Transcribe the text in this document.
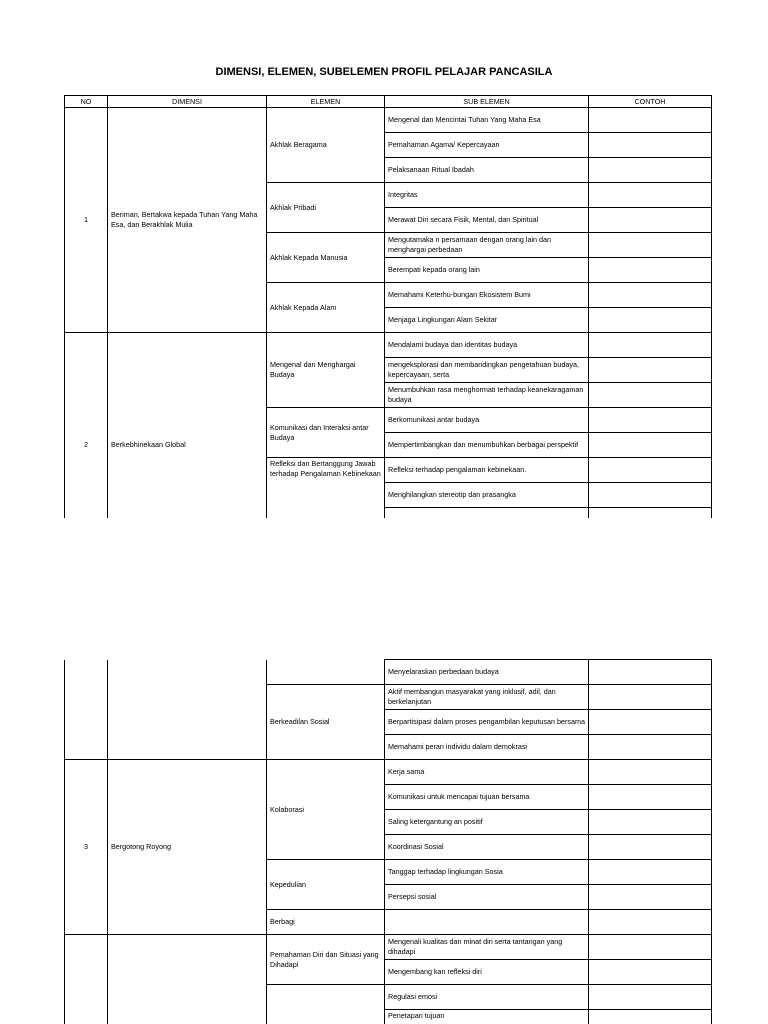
DIMENSI, ELEMEN, SUBELEMEN PROFIL PELAJAR PANCASILA
NO	DIMENSI	ELEMEN	SUB ELEMEN	CONTOH
1	Beriman, Bertakwa kepada Tuhan Yang Maha Esa, dan Berakhlak Mulia	Akhlak Beragama	Mengenal dan Mencintai Tuhan Yang Maha Esa	
			Pemahaman Agama/ Kepercayaan	
			Pelaksanaan Ritual Ibadah	
		Akhlak Pribadi	Integritas	
			Merawat Diri secara Fisik, Mental, dan Spiritual	
		Akhlak Kepada Manusia	Mengutamaka n persamaan dengan orang lain dan menghargai perbedaan	
			Berempati kepada orang lain	
		Akhlak Kepada Alam	Memahami Keterhu-bungan Ekosistem Bumi	
			Menjaga Lingkungan Alam Sekitar	
2	Berkebhinekaan Global	Mengenal dan Menghargai Budaya	Mendalami budaya dan identitas budaya	
			mengeksplorasi dan membandingkan pengetahuan budaya, kepercayaan, serta	
			Menumbuhkan rasa menghormati terhadap keanekaragaman budaya	
		Komunikasi dan Interaksi antar Budaya	Berkomunikasi antar budaya	
			Mempertimbangkan dan menumbuhkan berbagai perspektif	
		Refleksi dan Bertanggung Jawab terhadap Pengalaman Kebinekaan	Refleksi terhadap pengalaman kebinekaan.	
			Menghilangkan stereotip dan prasangka	

			Menyelaraskan perbedaan budaya	
		Berkeadilan Sosial	Aktif membangun masyarakat yang inklusif, adil, dan berkelanjutan	
			Berpartisipasi dalam proses pengambilan keputusan bersama	
			Memahami peran individu dalam demokrasi	
3	Bergotong Royong	Kolaborasi	Kerja sama	
			Komunikasi untuk mencapai tujuan bersama	
			Saling ketergantung an positif	
			Koordinasi Sosial	
		Kepedulian	Tanggap terhadap lingkungan Sosia	
			Persepsi sosial	
		Berbagi		
		Pemahaman Diri dan Situasi yang Dihadapi	Mengenali kualitas dan minat diri serta tantangan yang dihadapi	
			Mengembang kan refleksi diri	
			Regulasi emosi	
			Penetapan tujuan	
